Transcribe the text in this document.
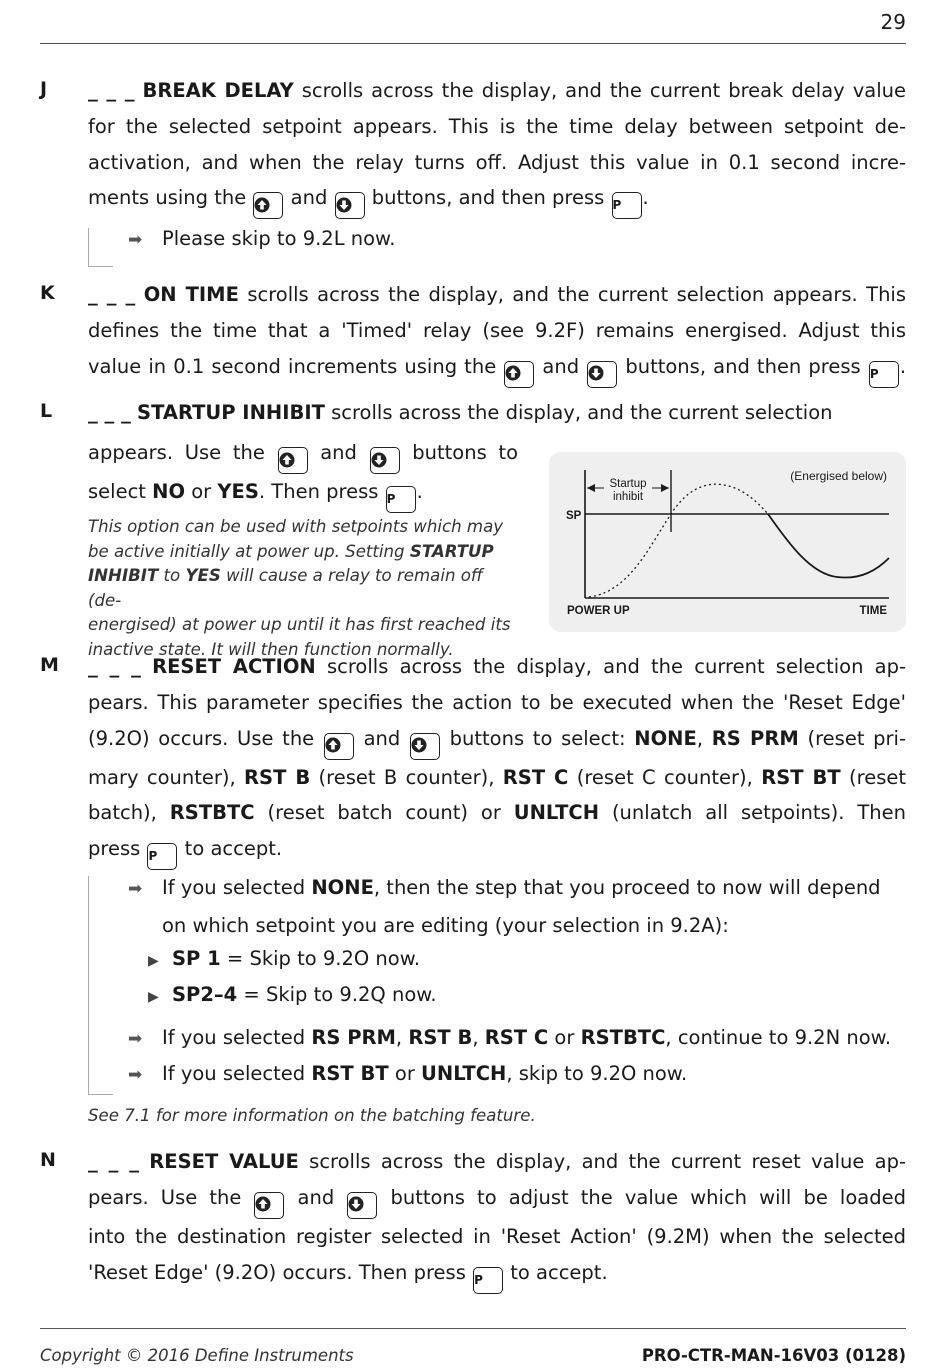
29
J _ _ _ BREAK DELAY scrolls across the display, and the current break delay value
for the selected setpoint appears. This is the time delay between setpoint de-
activation, and when the relay turns off. Adjust this value in 0.1 second incre-
ments using the  and  buttons, and then press P .
➡ Please skip to 9.2L now.
K _ _ _ ON TIME scrolls across the display, and the current selection appears. This
defines the time that a 'Timed' relay (see 9.2F) remains energised. Adjust this
value in 0.1 second increments using the  and  buttons, and then press P .
L _ _ _ STARTUP INHIBIT scrolls across the display, and the current selection
appears. Use the  and  buttons to
select NO or YES. Then press P .
This option can be used with setpoints which may
be active initially at power up. Setting STARTUP
INHIBIT to YES will cause a relay to remain off (de-
energised) at power up until it has first reached its
inactive state. It will then function normally.
Startup
inhibit
(Energised below)
SP
POWER UP	TIME
M _ _ _ RESET ACTION scrolls across the display, and the current selection ap-
pears. This parameter specifies the action to be executed when the 'Reset Edge'
(9.2O) occurs. Use the  and  buttons to select: NONE, RS PRM (reset pri-
mary counter), RST B (reset B counter), RST C (reset C counter), RST BT (reset
batch), RSTBTC (reset batch count) or UNLTCH (unlatch all setpoints). Then
press P to accept.
➡ If you selected NONE, then the step that you proceed to now will depend
on which setpoint you are editing (your selection in 9.2A):
▶ SP 1 = Skip to 9.2O now.
▶ SP2–4 = Skip to 9.2Q now.
➡ If you selected RS PRM, RST B, RST C or RSTBTC, continue to 9.2N now.
➡ If you selected RST BT or UNLTCH, skip to 9.2O now.
See 7.1 for more information on the batching feature.
N _ _ _ RESET VALUE scrolls across the display, and the current reset value ap-
pears. Use the  and  buttons to adjust the value which will be loaded
into the destination register selected in 'Reset Action' (9.2M) when the selected
'Reset Edge' (9.2O) occurs. Then press P to accept.
Copyright © 2016 Define Instruments	PRO-CTR-MAN-16V03 (0128)
